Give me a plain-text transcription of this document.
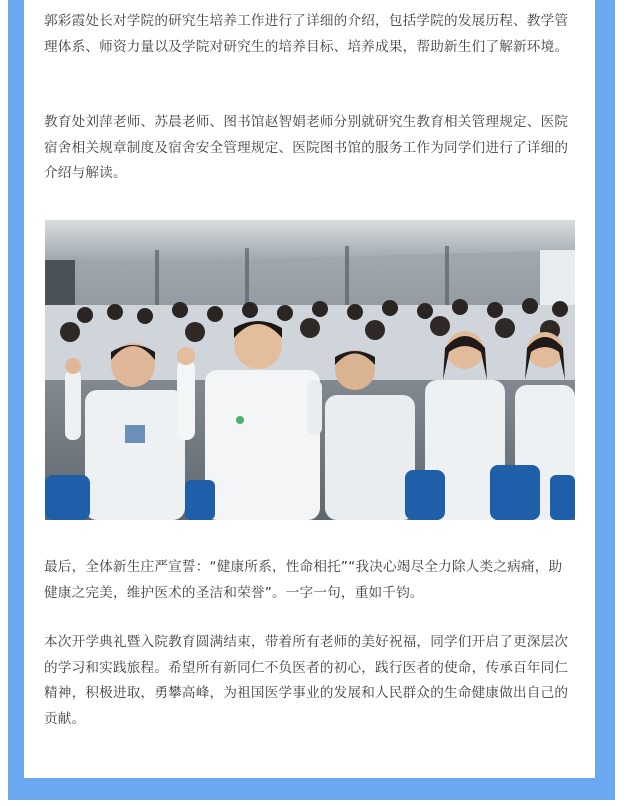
郭彩霞处长对学院的研究生培养工作进行了详细的介绍，包括学院的发展历程、教学管理体系、师资力量以及学院对研究生的培养目标、培养成果，帮助新生们了解新环境。

教育处刘萍老师、苏晨老师、图书馆赵智娟老师分别就研究生教育相关管理规定、医院宿舍相关规章制度及宿舍安全管理规定、医院图书馆的服务工作为同学们进行了详细的介绍与解读。

最后，全体新生庄严宣誓：“健康所系，性命相托”“我决心竭尽全力除人类之病痛，助健康之完美，维护医术的圣洁和荣誉”。一字一句，重如千钧。

本次开学典礼暨入院教育圆满结束，带着所有老师的美好祝福，同学们开启了更深层次的学习和实践旅程。希望所有新同仁不负医者的初心，践行医者的使命，传承百年同仁精神，积极进取，勇攀高峰，为祖国医学事业的发展和人民群众的生命健康做出自己的贡献。
